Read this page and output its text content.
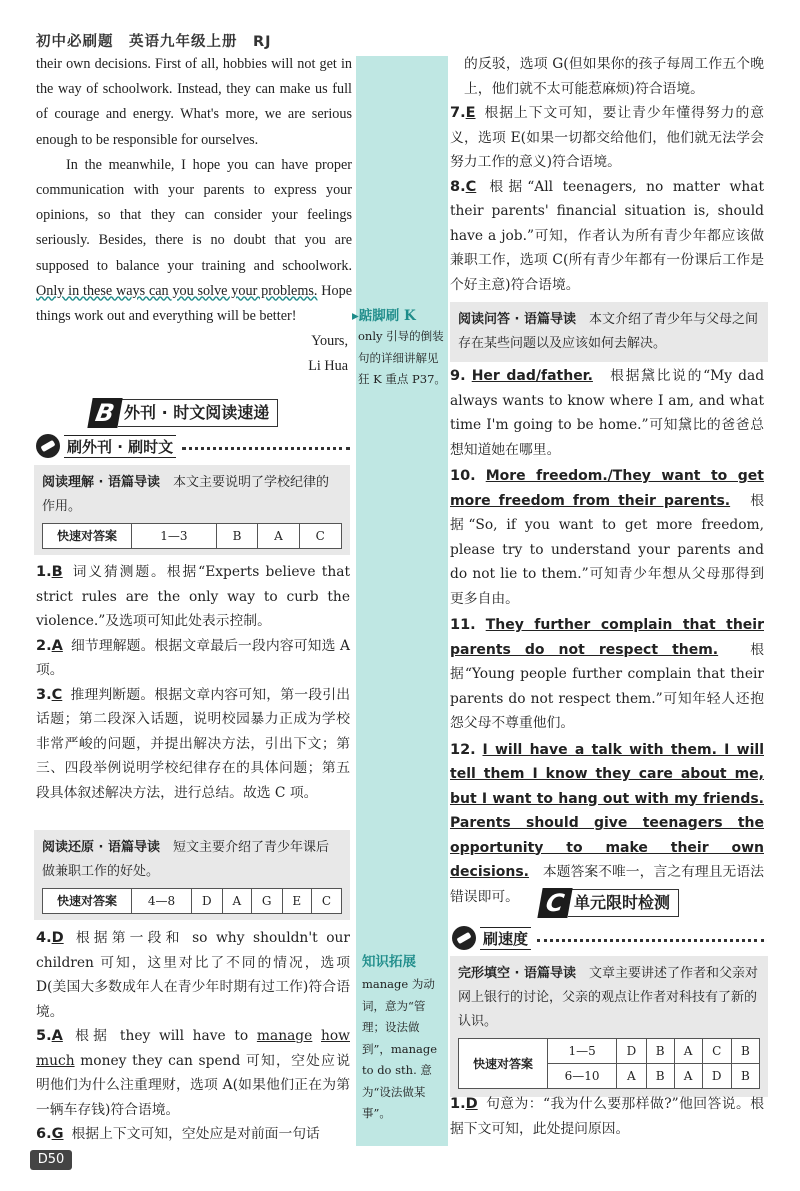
初中必刷题　英语九年级上册　RJ
▸踮脚刷 K
only 引导的倒装句的详细讲解见狂 K 重点 P37。
知识拓展
manage 为动词，意为“管理；设法做到”，manage to do sth. 意为“设法做某事”。

their own decisions. First of all, hobbies will not get in the way of schoolwork. Instead, they can make us full of courage and energy. What's more, we are serious enough to be responsible for ourselves.

In the meanwhile, I hope you can have proper communication with your parents to express your opinions, so that they can consider your feelings seriously. Besides, there is no doubt that you are supposed to balance your training and schoolwork. Only in these ways can you solve your problems. Hope things work out and everything will be better!

Yours,

Li Hua

B 外刊 · 时文阅读速递
刷外刊 · 刷时文
阅读理解 · 语篇导读　 本文主要说明了学校纪律的作用。
快速对答案	1—3	B	A	C
1.B 词义猜测题。根据“Experts believe that strict rules are the only way to curb the violence.”及选项可知此处表示控制。
2.A 细节理解题。根据文章最后一段内容可知选 A 项。
3.C 推理判断题。根据文章内容可知，第一段引出话题；第二段深入话题，说明校园暴力正成为学校非常严峻的问题，并提出解决方法，引出下文；第三、四段举例说明学校纪律存在的具体问题；第五段具体叙述解决方法，进行总结。故选 C 项。
阅读还原 · 语篇导读　 短文主要介绍了青少年课后做兼职工作的好处。
快速对答案	4—8	D	A	G	E	C
4.D 根据第一段和 so why shouldn't our children 可知，这里对比了不同的情况，选项 D(美国大多数成年人在青少年时期有过工作)符合语境。
5.A 根据 they will have to manage how much money they can spend 可知，空处应说明他们为什么注重理财，选项 A(如果他们正在为第一辆车存钱)符合语境。
6.G 根据上下文可知，空处应是对前面一句话
的反驳，选项 G(但如果你的孩子每周工作五个晚上，他们就不太可能惹麻烦)符合语境。
7.E 根据上下文可知，要让青少年懂得努力的意义，选项 E(如果一切都交给他们，他们就无法学会努力工作的意义)符合语境。
8.C 根据“All teenagers, no matter what their parents' financial situation is, should have a job.”可知，作者认为所有青少年都应该做兼职工作，选项 C(所有青少年都有一份课后工作是个好主意)符合语境。
阅读问答 · 语篇导读　 本文介绍了青少年与父母之间存在某些问题以及应该如何去解决。
9. Her dad/father.　 根据黛比说的“My dad always wants to know where I am, and what time I'm going to be home.”可知黛比的爸爸总想知道她在哪里。
10. More freedom./They want to get more freedom from their parents.　 根据“So, if you want to get more freedom, please try to understand your parents and do not lie to them.”可知青少年想从父母那得到更多自由。
11. They further complain that their parents do not respect them.　 根据“Young people further complain that their parents do not respect them.”可知年轻人还抱怨父母不尊重他们。
12. I will have a talk with them. I will tell them I know they care about me, but I want to hang out with my friends. Parents should give teenagers the opportunity to make their own decisions.　 本题答案不唯一，言之有理且无语法错误即可。	C 单元限时检测
刷速度
完形填空 · 语篇导读　 文章主要讲述了作者和父亲对网上银行的讨论，父亲的观点让作者对科技有了新的认识。
快速对答案	1—5	D	B	A	C	B
	6—10	A	B	A	D	B
1.D 句意为：“我为什么要那样做?”他回答说。根据下文可知，此处提问原因。
D50
